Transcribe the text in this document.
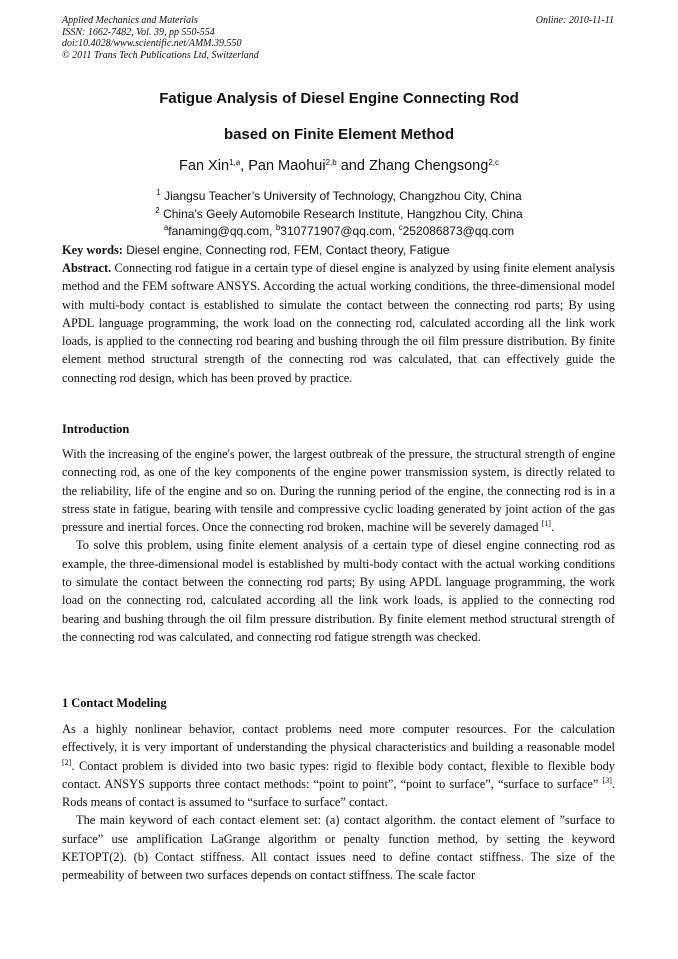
Applied Mechanics and Materials
ISSN: 1662-7482, Vol. 39, pp 550-554
doi:10.4028/www.scientific.net/AMM.39.550
© 2011 Trans Tech Publications Ltd, Switzerland
Online: 2010-11-11
Fatigue Analysis of Diesel Engine Connecting Rod
based on Finite Element Method
Fan Xin$^{1,a}$, Pan Maohui$^{2,b}$ and Zhang Chengsong$^{2,c}$
$^1$ Jiangsu Teacher’s University of Technology, Changzhou City, China
$^2$ China's Geely Automobile Research Institute, Hangzhou City, China
$^a$fanaming@qq.com, $^b$310771907@qq.com, $^c$252086873@qq.com
Key words: Diesel engine, Connecting rod, FEM, Contact theory, Fatigue
Abstract. Connecting rod fatigue in a certain type of diesel engine is analyzed by using finite element analysis method and the FEM software ANSYS. According the actual working conditions, the three-dimensional model with multi-body contact is established to simulate the contact between the connecting rod parts; By using APDL language programming, the work load on the connecting rod, calculated according all the link work loads, is applied to the connecting rod bearing and bushing through the oil film pressure distribution. By finite element method structural strength of the connecting rod was calculated, that can effectively guide the connecting rod design, which has been proved by practice.
Introduction

With the increasing of the engine's power, the largest outbreak of the pressure, the structural strength of engine connecting rod, as one of the key components of the engine power transmission system, is directly related to the reliability, life of the engine and so on. During the running period of the engine, the connecting rod is in a stress state in fatigue, bearing with tensile and compressive cyclic loading generated by joint action of the gas pressure and inertial forces. Once the connecting rod broken, machine will be severely damaged [1].

To solve this problem, using finite element analysis of a certain type of diesel engine connecting rod as example, the three-dimensional model is established by multi-body contact with the actual working conditions to simulate the contact between the connecting rod parts; By using APDL language programming, the work load on the connecting rod, calculated according all the link work loads, is applied to the connecting rod bearing and bushing through the oil film pressure distribution. By finite element method structural strength of the connecting rod was calculated, and connecting rod fatigue strength was checked.

1 Contact Modeling

As a highly nonlinear behavior, contact problems need more computer resources. For the calculation effectively, it is very important of understanding the physical characteristics and building a reasonable model [2]. Contact problem is divided into two basic types: rigid to flexible body contact, flexible to flexible body contact. ANSYS supports three contact methods: “point to point”, “point to surface”, “surface to surface” [3]. Rods means of contact is assumed to “surface to surface” contact.

The main keyword of each contact element set: (a) contact algorithm. the contact element of ”surface to surface” use amplification LaGrange algorithm or penalty function method, by setting the keyword KETOPT(2). (b) Contact stiffness. All contact issues need to define contact stiffness. The size of the permeability of between two surfaces depends on contact stiffness. The scale factor
